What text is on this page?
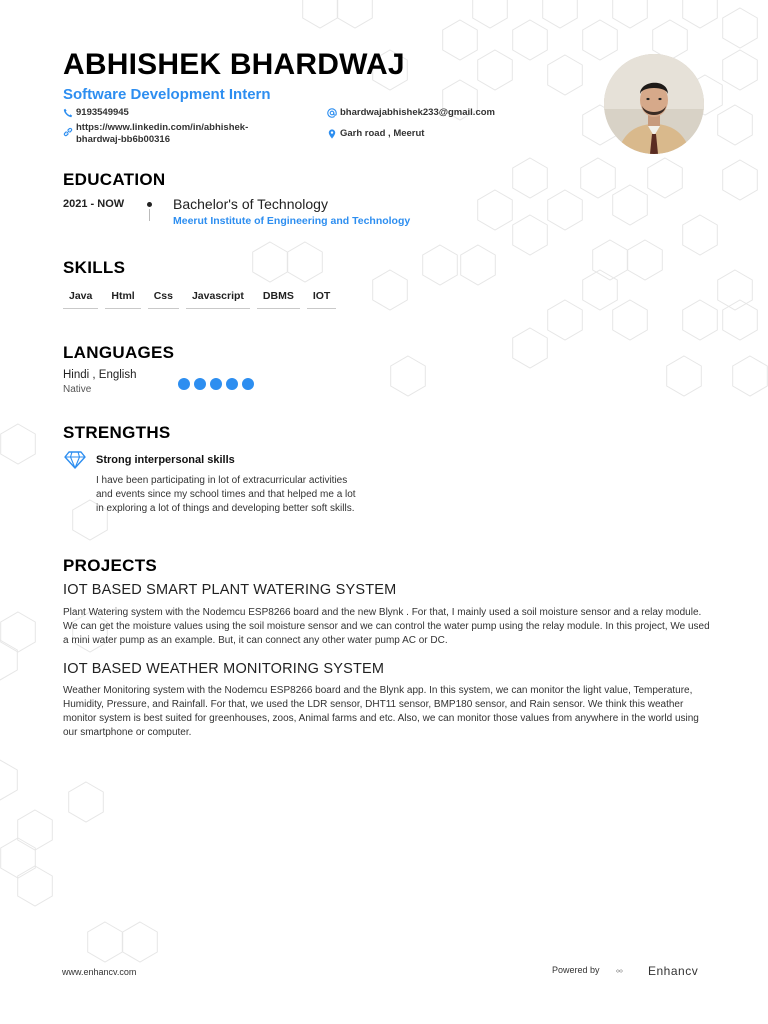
ABHISHEK BHARDWAJ
Software Development Intern
9193549945
https://www.linkedin.com/in/abhishek-
bhardwaj-bb6b00316
bhardwajabhishek233@gmail.com
Garh road , Meerut
EDUCATION
2021 - NOW	Bachelor's of Technology
Meerut Institute of Engineering and Technology
SKILLS
Java	Html	Css	Javascript	DBMS	IOT
LANGUAGES
Hindi , English
Native
STRENGTHS
Strong interpersonal skills
I have been participating in lot of extracurricular activities and events since my school times and that helped me a lot in exploring a lot of things and developing better soft skills.
PROJECTS
IOT BASED SMART PLANT WATERING SYSTEM
Plant Watering system with the Nodemcu ESP8266 board and the new Blynk . For that, I mainly used a soil moisture sensor and a relay module. We can get the moisture values using the soil moisture sensor and we can control the water pump using the relay module. In this project, We used a mini water pump as an example. But, it can connect any other water pump AC or DC.
IOT BASED WEATHER MONITORING SYSTEM
Weather Monitoring system with the Nodemcu ESP8266 board and the Blynk app. In this system, we can monitor the light value, Temperature, Humidity, Pressure, and Rainfall. For that, we used the LDR sensor, DHT11 sensor, BMP180 sensor, and Rain sensor. We think this weather monitor system is best suited for greenhouses, zoos, Animal farms and etc. Also, we can monitor those values from anywhere in the world using our smartphone or computer.
www.enhancv.com	Powered by	Enhancv
